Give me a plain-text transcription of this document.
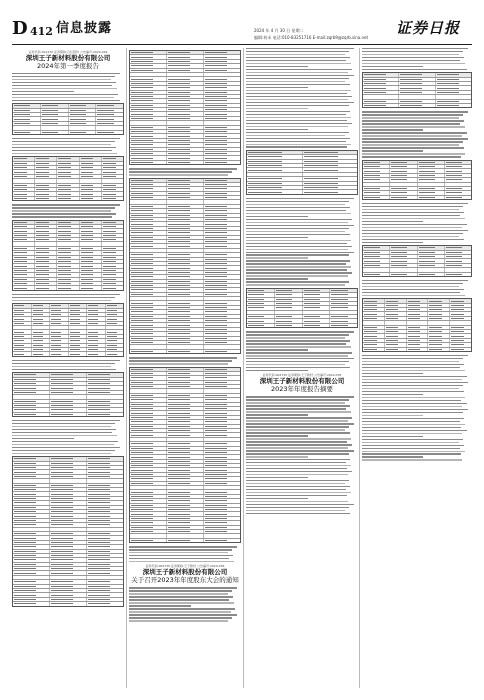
D 412 信息披露	2024 年 4 月 30 日 星期二
编辑:何禾 电话:010-83251716 E-mail:zqrb9@zqrb.sina.net
证券日报
证券代码:301270 证券简称:汉仪股份 公告编号:2024-029
深圳王子新材料股份有限公司
2024年第一季度报告
证券代码:002735 证券简称:王子新材 公告编号:2024-036
深圳王子新材料股份有限公司
关于召开2023年年度股东大会的通知
证券代码:002735 证券简称:王子新材 公告编号:2024-035
深圳王子新材料股份有限公司
2023年年度报告摘要
